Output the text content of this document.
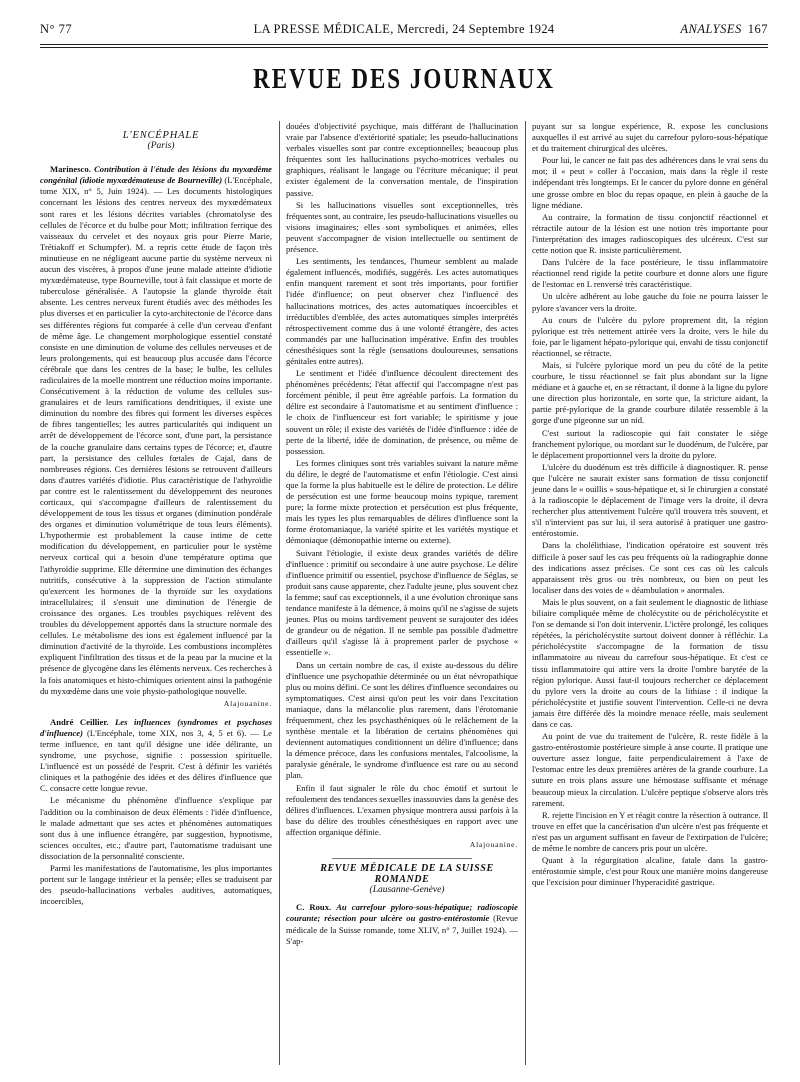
N° 77	LA PRESSE MÉDICALE, Mercredi, 24 Septembre 1924	ANALYSES 167
REVUE DES JOURNAUX

L'ENCÉPHALE

(Paris)

Marinesco. Contribution à l'étude des lésions du myxœdème congénital (idiotie myxœdémateuse de Bourneville) (L'Encéphale, tome XIX, n° 5, Juin 1924). — Les documents histologiques concernant les lésions des centres nerveux des myxœdémateux sont rares et les lésions décrites variables (chromatolyse des cellules de l'écorce et du bulbe pour Mott; infiltration ferrique des vaisseaux du cervelet et des noyaux gris pour Pierre Marie, Trétiakoff et Schumpfer). M. a repris cette étude de façon très minutieuse en ne négligeant aucune partie du système nerveux ni aucun des viscères, à propos d'une jeune malade atteinte d'idiotie myxœdémateuse, type Bourneville, tout à fait classique et morte de tuberculose généralisée. A l'autopsie la glande thyroïde était absente. Les centres nerveux furent étudiés avec des méthodes les plus diverses et en particulier la cyto-architectonie de l'écorce dans ses différentes régions fut comparée à celle d'un cerveau d'enfant de même âge. Le changement morphologique essentiel constaté consiste en une diminution de volume des cellules nerveuses et de leurs prolongements, qui est beaucoup plus accusée dans l'écorce cérébrale que dans les centres de la base; le bulbe, les cellules radiculaires de la moelle montrent une réduction moins importante. Consécutivement à la réduction de volume des cellules sus-granulaires et de leurs ramifications dendritiques, il existe une diminution du nombre des fibres qui forment les diverses espèces de fibres tangentielles; les autres particularités qui indiquent un arrêt de développement de l'écorce sont, d'une part, la persistance de la couche granulaire dans certains types de l'écorce; et, d'autre part, la persistance des cellules fœtales de Cajal, dans de nombreuses régions. Ces dernières lésions se retrouvent d'ailleurs dans d'autres variétés d'idiotie. Plus caractéristique de l'athyroïdie par contre est le ralentissement du développement des neurones corticaux, qui s'accompagne d'ailleurs de ralentissement du développement de tous les tissus et organes (diminution pondérale des organes et diminution volumétrique de tous leurs éléments). L'hypothermie est probablement la cause intime de cette modification du développement, en particulier pour le système nerveux cortical qui a besoin d'une température optima que l'athyroïdie supprime. Elle détermine une diminution des échanges nutritifs, consécutive à la suppression de l'action stimulante qu'exercent les hormones de la thyroïde sur les oxydations intracellulaires; il s'ensuit une diminution de l'énergie de croissance des organes. Les troubles psychiques relèvent des troubles du développement apportés dans la structure normale des cellules. Le métabolisme des ions est également influencé par la diminution d'activité de la thyroïde. Les combustions incomplètes expliquent l'infiltration des tissus et de la peau par la mucine et la présence de glycogène dans les éléments nerveux. Ces recherches à la fois anatomiques et histo-chimiques orientent ainsi la pathogénie du myxœdème dans une voie physio-pathologique nouvelle.

Alajouanine.

André Ceillier. Les influences (syndromes et psychoses d'influence) (L'Encéphale, tome XIX, nos 3, 4, 5 et 6). — Le terme influence, en tant qu'il désigne une idée délirante, un syndrome, une psychose, signifie : possession spirituelle. L'influencé est un possédé de l'esprit. C'est à définir les variétés cliniques et la pathogénie des idées et des délires d'influence que C. consacre cette longue revue.

Le mécanisme du phénomène d'influence s'explique par l'addition ou la combinaison de deux éléments : l'idée d'influence, le malade admettant que ses actes et phénomènes automatiques sont dus à une influence étrangère, par suggestion, hypnotisme, sciences occultes, etc.; d'autre part, l'automatisme traduisant une dissociation de la personnalité consciente.

Parmi les manifestations de l'automatisme, les plus importantes portent sur le langage intérieur et la pensée; elles se traduisent par des pseudo-hallucinations verbales auditives, automatiques, incoercibles,

douées d'objectivité psychique, mais différant de l'hallucination vraie par l'absence d'extériorité spatiale; les pseudo-hallucinations verbales visuelles sont par contre exceptionnelles; beaucoup plus fréquentes sont les hallucinations psycho-motrices verbales ou graphiques, réalisant le langage ou l'écriture mécanique; il peut exister également de la conversation mentale, de l'inspiration passive.

Si les hallucinations visuelles sont exceptionnelles, très fréquentes sont, au contraire, les pseudo-hallucinations visuelles ou visions imaginaires; elles sont symboliques et animées, elles peuvent s'accompagner de vision intellectuelle ou sentiment de présence.

Les sentiments, les tendances, l'humeur semblent au malade également influencés, modifiés, suggérés. Les actes automatiques enfin manquent rarement et sont très importants, pour fortifier l'idée d'influence; on peut observer chez l'influencé des hallucinations motrices, des actes automatiques incoercibles et irréductibles d'emblée, des actes automatiques simples interprétés rétrospectivement comme dus à une volonté étrangère, des actes commandés par une hallucination impérative. Enfin des troubles cénesthésiques sont la règle (sensations douloureuses, sensations génitales entre autres).

Le sentiment et l'idée d'influence découlent directement des phénomènes précédents; l'état affectif qui l'accompagne n'est pas forcément pénible, il peut être agréable parfois. La formation du délire est secondaire à l'automatisme et au sentiment d'influence : le choix de l'influenceur est fort variable; le spiritisme y joue souvent un rôle; il existe des variétés de l'idée d'influence : idée de perte de la liberté, idée de domination, de présence, ou même de possession.

Les formes cliniques sont très variables suivant la nature même du délire, le degré de l'automatisme et enfin l'étiologie. C'est ainsi que la forme la plus habituelle est le délire de protection. Le délire de persécution est une forme beaucoup moins typique, rarement pure; la forme mixte protection et persécution est plus fréquente, mais les types les plus remarquables de délires d'influence sont la forme érotomaniaque, la variété spirite et les variétés mystique et démoniaque (démonopathie interne ou externe).

Suivant l'étiologie, il existe deux grandes variétés de délire d'influence : primitif ou secondaire à une autre psychose. Le délire d'influence primitif ou essentiel, psychose d'influence de Séglas, se produit sans cause apparente, chez l'adulte jeune, plus souvent chez la femme; sauf cas exceptionnels, il a une évolution chronique sans tendance manifeste à la démence, à moins qu'il ne s'agisse de sujets jeunes. Plus ou moins tardivement peuvent se surajouter des idées de grandeur ou de négation. Il ne semble pas possible d'admettre d'ailleurs qu'il s'agisse là à proprement parler de psychose « essentielle ».

Dans un certain nombre de cas, il existe au-dessous du délire d'influence une psychopathie déterminée ou un état névropathique plus ou moins défini. Ce sont les délires d'influence secondaires ou symptomatiques. C'est ainsi qu'on peut les voir dans l'excitation maniaque, dans la mélancolie plus rarement, dans l'érotomanie fréquemment, chez les psychasthéniques où le relâchement de la synthèse mentale et la libération de certains phénomènes qui deviennent automatiques conditionnent un délire d'influence; dans la démence précoce, dans les confusions mentales, l'alcoolisme, la paralysie générale, le syndrome d'influence est rare ou au second plan.

Enfin il faut signaler le rôle du choc émotif et surtout le refoulement des tendances sexuelles inassouvies dans la genèse des délires d'influences. L'examen physique montrera aussi parfois à la base du délire des troubles cénesthésiques en rapport avec une affection organique définie.

Alajouanine.

REVUE MÉDICALE DE LA SUISSE ROMANDE

(Lausanne-Genève)

C. Roux. Au carrefour pyloro-sous-hépatique; radioscopie courante; résection pour ulcère ou gastro-entérostomie (Revue médicale de la Suisse romande, tome XLIV, n° 7, Juillet 1924). — S'ap-

puyant sur sa longue expérience, R. expose les conclusions auxquelles il est arrivé au sujet du carrefour pyloro-sous-hépatique et du traitement chirurgical des ulcères.

Pour lui, le cancer ne fait pas des adhérences dans le vrai sens du mot; il « peut » coller à l'occasion, mais dans la règle il reste indépendant très longtemps. Et le cancer du pylore donne en général une grosse ombre en bloc du repas opaque, en plein à gauche de la ligne médiane.

Au contraire, la formation de tissu conjonctif réactionnel et rétractile autour de la lésion est une notion très importante pour l'interprétation des images radioscopiques des ulcéreux. C'est sur cette notion que R. insiste particulièrement.

Dans l'ulcère de la face postérieure, le tissu inflammatoire réactionnel rend rigide la petite courbure et donne alors une figure de l'estomac en L renversé très caractéristique.

Un ulcère adhérent au lobe gauche du foie ne pourra laisser le pylore s'avancer vers la droite.

Au cours de l'ulcère du pylore proprement dit, la région pylorique est très nettement attirée vers la droite, vers le hile du foie, par le ligament hépato-pylorique qui, envahi de tissu conjonctif réactionnel, se rétracte.

Mais, si l'ulcère pylorique mord un peu du côté de la petite courbure, le tissu réactionnel se fait plus abondant sur la ligne médiane et à gauche et, en se rétractant, il donne à la ligne du pylore une direction plus horizontale, en sorte que, la stricture aidant, la partie pré-pylorique de la grande courbure dilatée ressemble à la gorge d'une pigeonne sur un nid.

C'est surtout la radioscopie qui fait constater le siège franchement pylorique, ou mordant sur le duodénum, de l'ulcère, par le déplacement proportionnel vers la droite du pylore.

L'ulcère du duodénum est très difficile à diagnostiquer. R. pense que l'ulcère ne saurait exister sans formation de tissu conjonctif jeune dans le « ouillis » sous-hépatique et, si le chirurgien a constaté à la radioscopie le déplacement de l'image vers la droite, il devra rechercher plus attentivement l'ulcère qu'il trouvera très souvent, et s'il n'intervient pas sur lui, il sera autorisé à pratiquer une gastro-entérostomie.

Dans la cholélithiase, l'indication opératoire est souvent très difficile à poser sauf les cas peu fréquents où la radiographie donne des indications assez précises. Ce sont ces cas où les calculs apparaissent très gros ou très nombreux, ou bien on peut les localiser dans des voies de « déambulation » anormales.

Mais le plus souvent, on a fait seulement le diagnostic de lithiase biliaire compliquée même de cholécystite ou de péricholécystite et l'on se demande si l'on doit intervenir. L'ictère prolongé, les coliques répétées, la péricholécystite surtout doivent donner à réfléchir. La péricholécystite s'accompagne de la formation de tissu inflammatoire au niveau du carrefour sous-hépatique. Et c'est ce tissu inflammatoire qui attire vers la droite l'ombre barytée de la région pylorique. Aussi faut-il toujours rechercher ce déplacement du pylore vers la droite au cours de la lithiase : il indique la péricholécystite et justifie souvent l'intervention. Celle-ci ne devra jamais être différée dès la moindre menace réelle, mais seulement dans ce cas.

Au point de vue du traitement de l'ulcère, R. reste fidèle à la gastro-entérostomie postérieure simple à anse courte. Il pratique une ouverture assez longue, faite perpendiculairement à l'axe de l'estomac entre les deux premières artères de la grande courbure. La suture en trois plans assure une hémostase suffisante et ménage beaucoup mieux la circulation. L'ulcère peptique s'observe alors très rarement.

R. rejette l'incision en Y et réagit contre la résection à outrance. Il trouve en effet que la cancérisation d'un ulcère n'est pas fréquente et n'est pas un argument suffisant en faveur de l'extirpation de l'ulcère; de même le nombre de cancers pris pour un ulcère.

Quant à la régurgitation alcaline, fatale dans la gastro-entérostomie simple, c'est pour Roux une manière moins dangereuse que l'excision pour diminuer l'hyperacidité gastrique.
